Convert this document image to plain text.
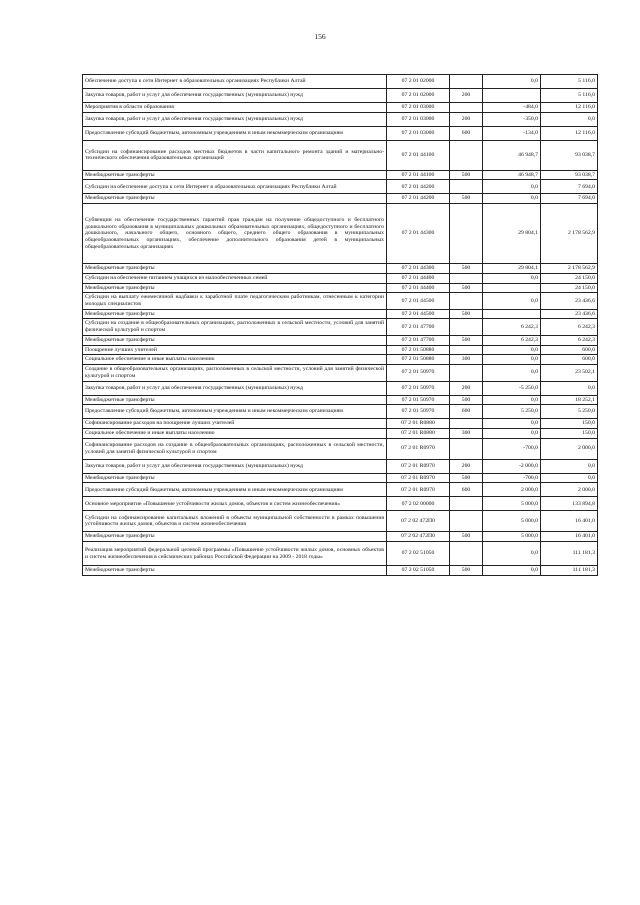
156
Обеспечение доступа к сети Интернет в образовательных организациях Республики Алтай	07 2 01 02000		0,0	5 116,0
Закупка товаров, работ и услуг для обеспечения государственных (муниципальных) нужд	07 2 01 02000	200		5 116,0
Мероприятия в области образования	07 2 01 03000		-484,0	12 116,0
Закупка товаров, работ и услуг для обеспечения государственных (муниципальных) нужд	07 2 01 03000	200	-350,0	0,0
Предоставление субсидий бюджетным, автономным учреждениям и иным некоммерческим организациям	07 2 01 03000	600	-134,0	12 116,0
Субсидии на софинансирование расходов местных бюджетов в части капитального ремонта зданий и материально-технического обеспечения образовательных организаций	07 2 01 44100		46 948,7	93 038,7
Межбюджетные трансферты	07 2 01 44100	500	46 948,7	93 038,7
Субсидии на обеспечение доступа к сети Интернет в образовательных организациях Республики Алтай	07 2 01 44200		0,0	7 694,0
Межбюджетные трансферты	07 2 01 44200	500	0,0	7 694,0
Субвенции на обеспечение государственных гарантий прав граждан на получение общедоступного и бесплатного дошкольного образования в муниципальных дошкольных образовательных организациях, общедоступного и бесплатного дошкольного, начального общего, основного общего, среднего общего образования в муниципальных общеобразовательных организациях, обеспечение дополнительного образования детей в муниципальных общеобразовательных организациях	07 2 01 44300		29 804,1	2 178 562,9
Межбюджетные трансферты	07 2 01 44300	500	29 804,1	2 178 562,9
Субсидии на обеспечение питанием учащихся из малообеспеченных семей	07 2 01 44400		0,0	24 150,0
Межбюджетные трансферты	07 2 01 44400	500		24 150,0
Субсидии на выплату ежемесячной надбавки к заработной плате педагогическим работникам, отнесенным к категории молодых специалистов	07 2 01 44500		0,0	23 436,6
Межбюджетные трансферты	07 2 01 44500	500		23 436,6
Субсидии на создание в общеобразовательных организациях, расположенных в сельской местности, условий для занятий физической культурой и спортом	07 2 01 47700		6 242,3	6 242,3
Межбюджетные трансферты	07 2 01 47700	500	6 242,3	6 242,3
Поощрение лучших учителей	07 2 01 50880		0,0	600,0
Социальное обеспечение и иные выплаты населению	07 2 01 50880	300	0,0	600,0
Создание в общеобразовательных организациях, расположенных в сельской местности, условий для занятий физической культурой и спортом	07 2 01 50970		0,0	23 502,1
Закупка товаров, работ и услуг для обеспечения государственных (муниципальных) нужд	07 2 01 50970	200	-5 250,0	0,0
Межбюджетные трансферты	07 2 01 50970	500	0,0	18 252,1
Предоставление субсидий бюджетным, автономным учреждениям и иным некоммерческим организациям	07 2 01 50970	600	5 250,0	5 250,0
Софинансирование расходов на поощрение лучших учителей	07 2 01 R0880		0,0	150,0
Социальное обеспечение и иные выплаты населению	07 2 01 R0880	300	0,0	150,0
Софинансирование расходов на создание в общеобразовательных организациях, расположенных в сельской местности, условий для занятий физической культурой и спортом	07 2 01 R0970		-700,0	2 000,0
Закупка товаров, работ и услуг для обеспечения государственных (муниципальных) нужд	07 2 01 R0970	200	-2 000,0	0,0
Межбюджетные трансферты	07 2 01 R0970	500	-700,0	0,0
Предоставление субсидий бюджетным, автономным учреждениям и иным некоммерческим организациям	07 2 01 R0970	600	2 000,0	2 000,0
Основное мероприятие «Повышение устойчивости жилых домов, объектов и систем жизнеобеспечения»	07 2 02 00000		5 000,0	133 894,8
Субсидии на софинансирование капитальных вложений в объекты муниципальной собственности в рамках повышения устойчивости жилых домов, объектов и систем жизнеобеспечения	07 2 02 472П0		5 000,0	16 401,0
Межбюджетные трансферты	07 2 02 472П0	500	5 000,0	16 401,0
Реализация мероприятий федеральной целевой программы «Повышение устойчивости жилых домов, основных объектов и систем жизнеобеспечения в сейсмических районах Российской Федерации на 2009 - 2018 годы»	07 2 02 51050		0,0	111 181,3
Межбюджетные трансферты	07 2 02 51050	500	0,0	111 181,3
